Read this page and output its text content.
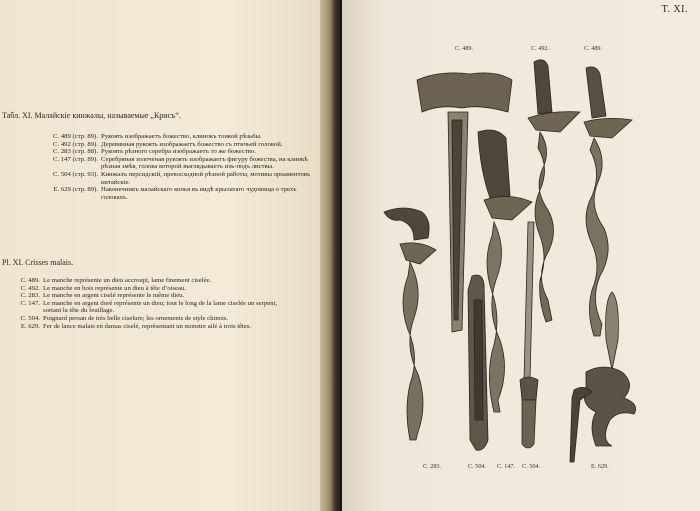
Табл. XI. Малайскіе кинжалы, называемые „Криcъ“.
С. 489 (стр. 89). Рукоять изображаетъ божество, клинокъ тонкой рѣзьбы.
С. 492 (стр. 89). Деревянная рукоять изображаетъ божество съ птичьей головой.
С. 283 (стр. 88). Рукоять рѣзного серебра изображаетъ то же божество.
С. 147 (стр. 89). Серебряная золоченая рукоять изображаетъ фигуру божества, на клинкѣ рѣзная змѣя, голова которой выглядываетъ изъ-подъ листвы.
С. 504 (стр. 93). Кинжалъ персидскій, превосходной рѣзной работы, мотивы орнаментовъ китайскіе.
Е. 629 (стр. 89). Наконечникъ малайскаго копья въ видѣ крылатаго чудовища о трехъ головахъ.
Pl. XI. Crisses malais.
C. 489. Le manche représente un dieu accroupi, lame finement ciselée.
C. 492. Le manche en bois représente un dieu à tête d’oiseau.
C. 283. Le manche en argent ciselé représente le même dieu.
C. 147. Le manche en argent doré représente un dieu; tout le long de la lame ciselée un serpent, sortant la tête du feuillage.
C. 504. Poignard persan de très belle ciselure; les ornements de style chinois.
E. 629. Fer de lance malais en damas ciselé, représentant un monstre ailé à trois têtes.
T. XI.
C. 489.	C. 492.	C. 489.
C. 283.	C. 504. C. 147. C. 504.	E. 629.
